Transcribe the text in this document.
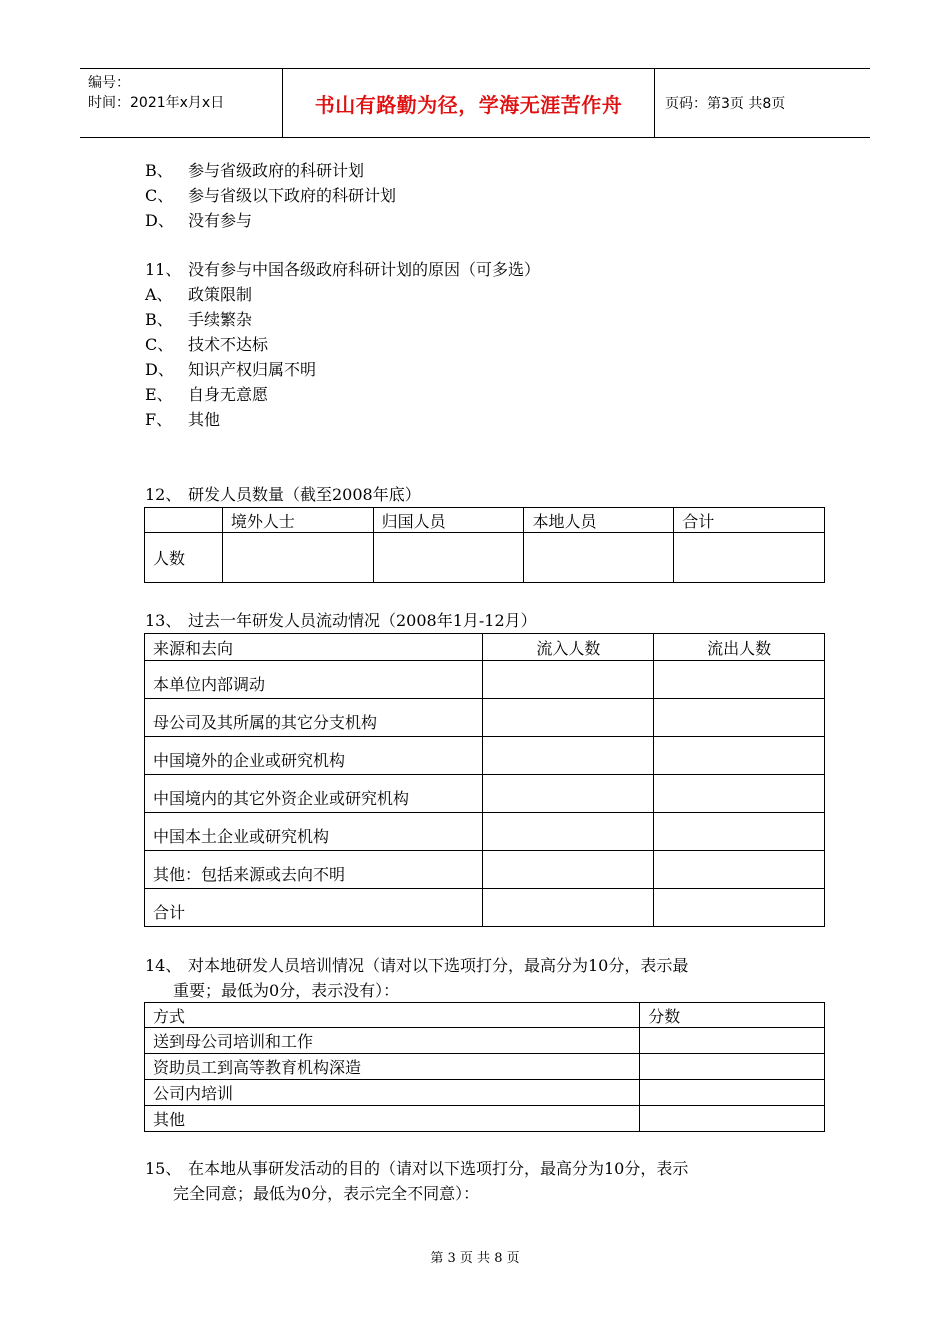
编号：
时间：2021年x月x日	书山有路勤为径，学海无涯苦作舟	页码：第3页 共8页
B、 参与省级政府的科研计划
C、 参与省级以下政府的科研计划
D、 没有参与
11、 没有参与中国各级政府科研计划的原因（可多选）
A、 政策限制
B、 手续繁杂
C、 技术不达标
D、 知识产权归属不明
E、 自身无意愿
F、 其他
12、 研发人员数量（截至2008年底）
	境外人士	归国人员	本地人员	合计
人数				
13、 过去一年研发人员流动情况（2008年1月-12月）
来源和去向	流入人数	流出人数
本单位内部调动		
母公司及其所属的其它分支机构		
中国境外的企业或研究机构		
中国境内的其它外资企业或研究机构		
中国本土企业或研究机构		
其他：包括来源或去向不明		
合计		
14、 对本地研发人员培训情况（请对以下选项打分，最高分为10分，表示最
重要；最低为0分，表示没有）：
方式	分数
送到母公司培训和工作	
资助员工到高等教育机构深造	
公司内培训	
其他	
15、 在本地从事研发活动的目的（请对以下选项打分，最高分为10分，表示
完全同意；最低为0分，表示完全不同意）：
第 3 页 共 8 页
